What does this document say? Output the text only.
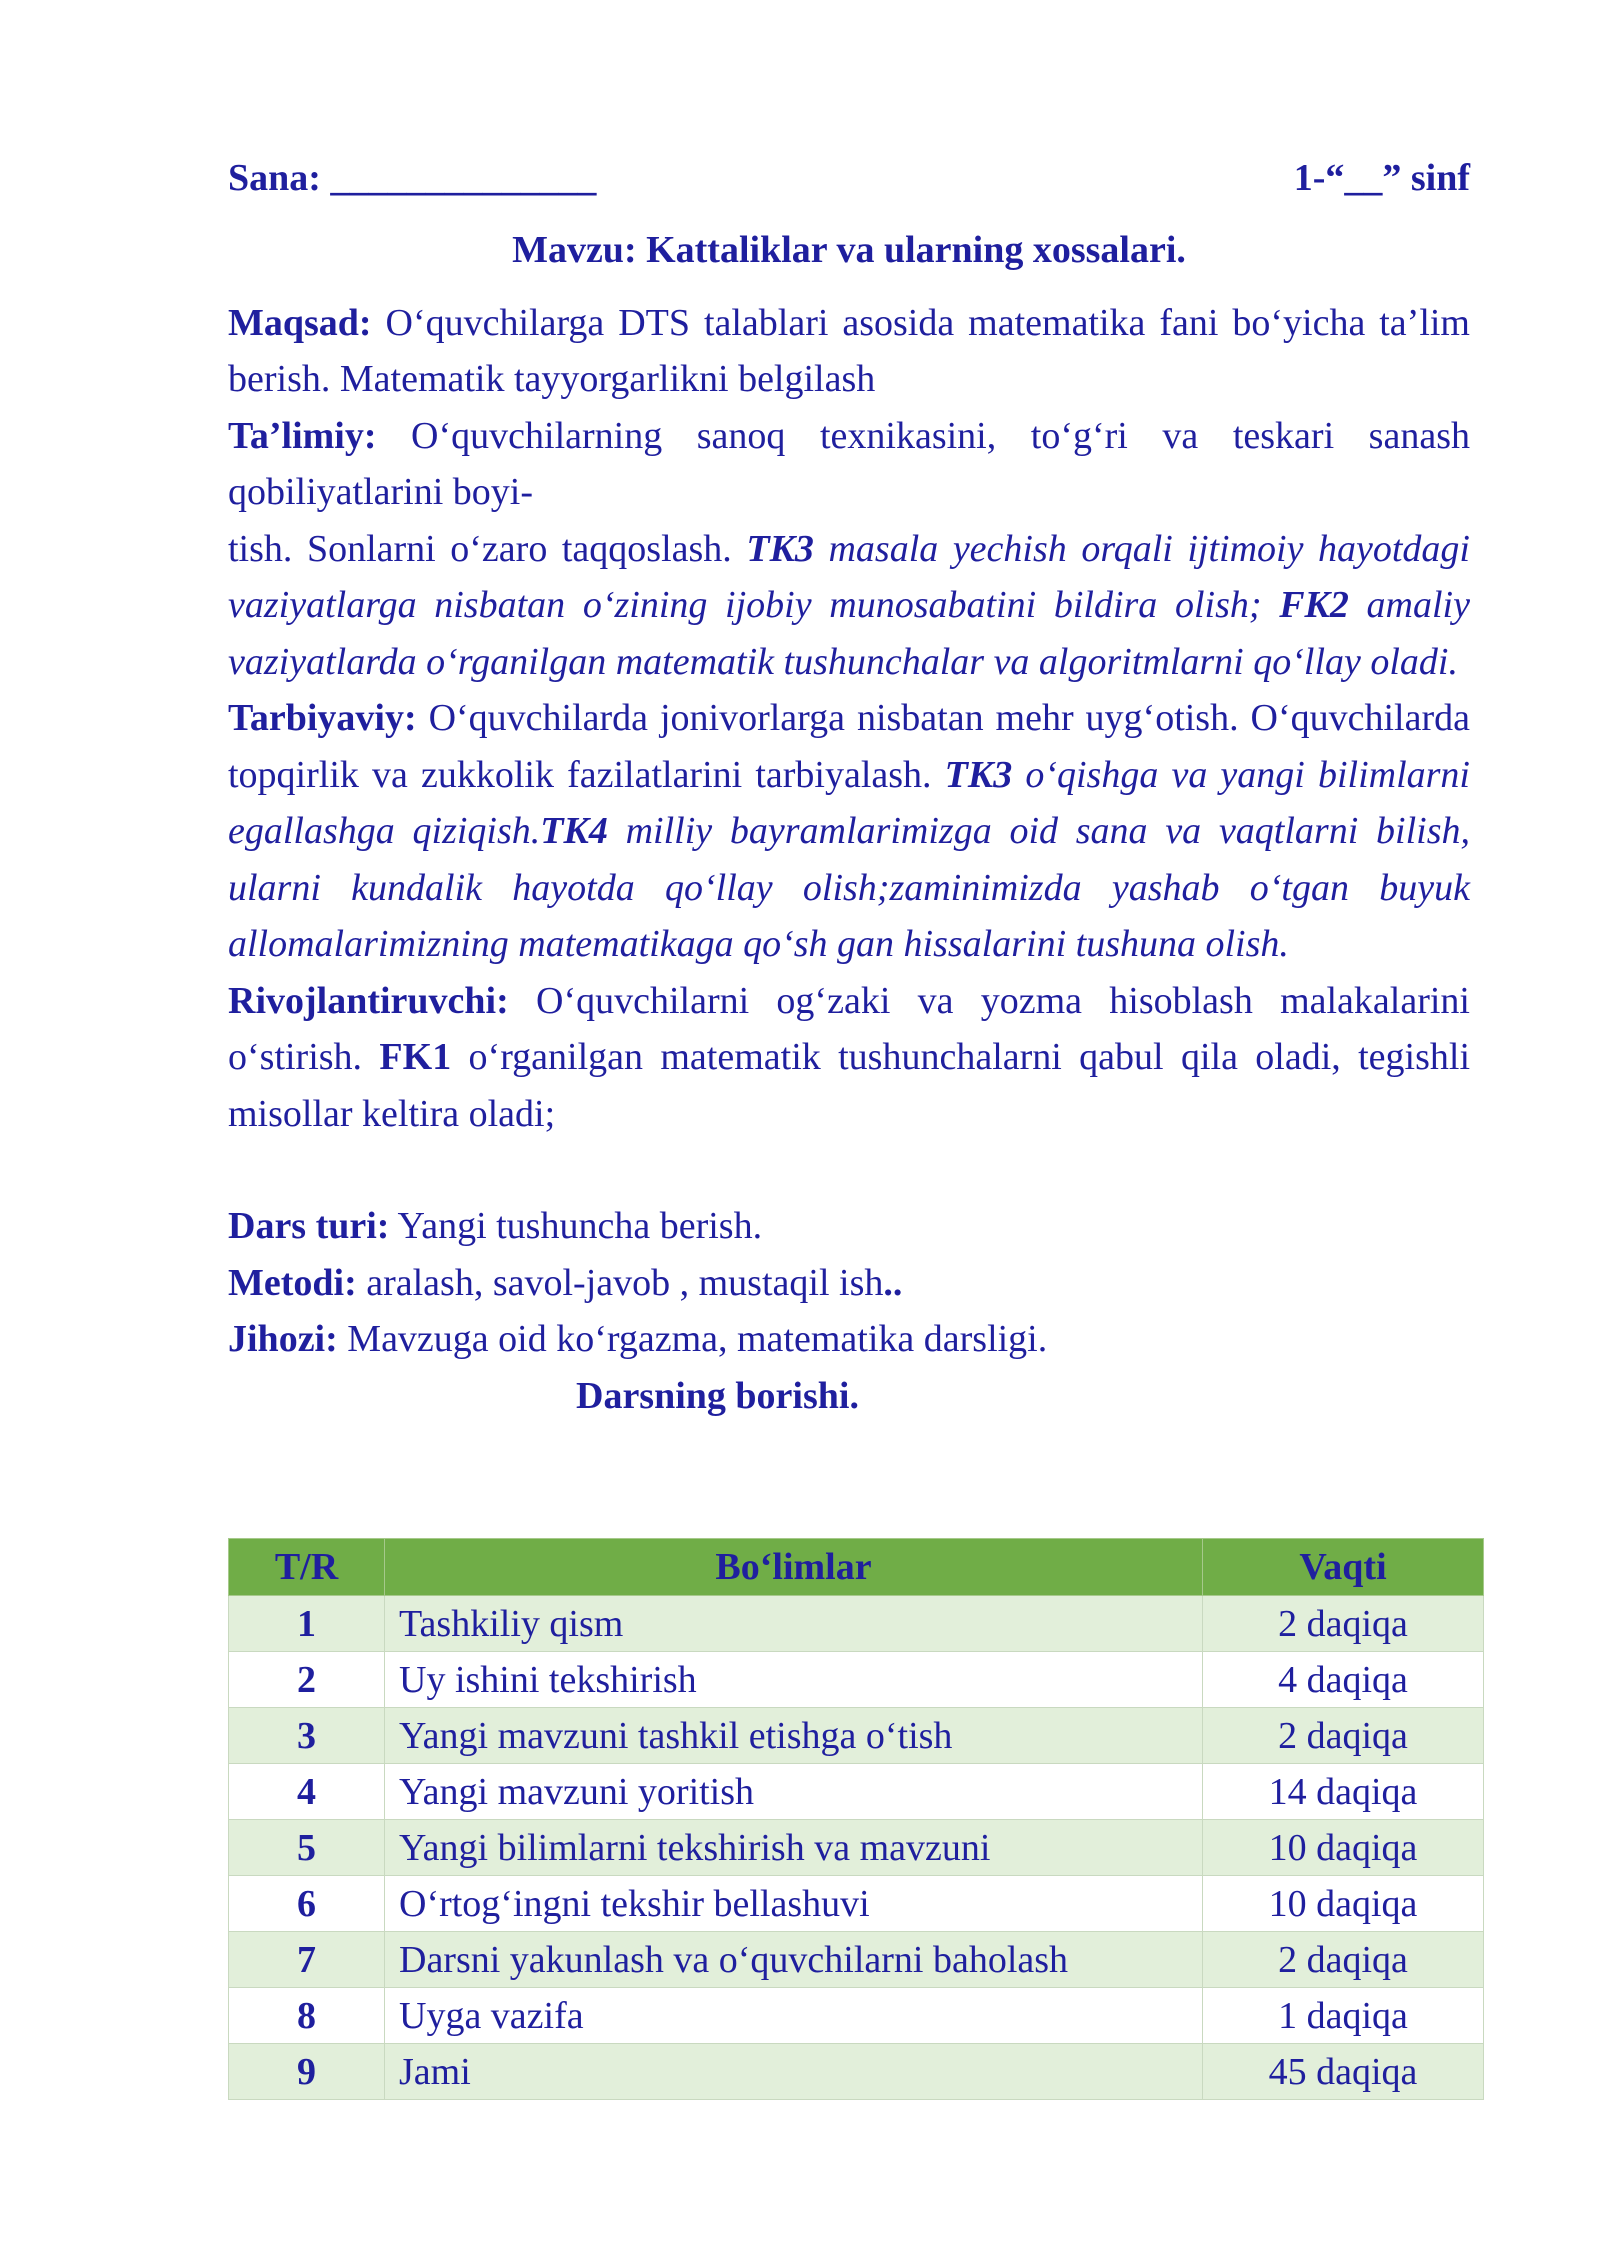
Sana: ______________	1-“__” sinf
Mavzu: Kattaliklar va ularning xossalari.

Maqsad: O‘quvchilarga DTS talablari asosida matematika fani bo‘yicha ta’lim berish. Matematik tayyorgarlikni belgilash

Ta’limiy: O‘quvchilarning sanoq texnikasini, to‘g‘ri va teskari sanash qobiliyatlarini boyi-

tish. Sonlarni o‘zaro taqqoslash. TK3 masala yechish orqali ijtimoiy hayotdagi vaziyatlarga nisbatan o‘zining ijobiy munosabatini bildira olish; FK2 amaliy vaziyatlarda o‘rganilgan matematik tushunchalar va algoritmlarni qo‘llay oladi.

Tarbiyaviy: O‘quvchilarda jonivorlarga nisbatan mehr uyg‘otish. O‘quvchilarda topqirlik va zukkolik fazilatlarini tarbiyalash. TK3 o‘qishga va yangi bilimlarni egallashga qiziqish.TK4 milliy bayramlarimizga oid sana va vaqtlarni bilish, ularni kundalik hayotda qo‘llay olish;zaminimizda yashab o‘tgan buyuk allomalarimizning matematikaga qo‘sh gan hissalarini tushuna olish.

Rivojlantiruvchi: O‘quvchilarni og‘zaki va yozma hisoblash malakalarini o‘stirish. FK1 o‘rganilgan matematik tushunchalarni qabul qila oladi, tegishli misollar keltira oladi;

Dars turi: Yangi tushuncha berish.

Metodi: aralash, savol-javob , mustaqil ish..

Jihozi: Mavzuga oid ko‘rgazma, matematika darsligi.

Darsning borishi.

T/R	Bo‘limlar	Vaqti
1	Tashkiliy qism	2 daqiqa
2	Uy ishini tekshirish	4 daqiqa
3	Yangi mavzuni tashkil etishga o‘tish	2 daqiqa
4	Yangi mavzuni yoritish	14 daqiqa
5	Yangi bilimlarni tekshirish va mavzuni	10 daqiqa
6	O‘rtog‘ingni tekshir bellashuvi	10 daqiqa
7	Darsni yakunlash va o‘quvchilarni baholash	2 daqiqa
8	Uyga vazifa	1 daqiqa
9	Jami	45 daqiqa
